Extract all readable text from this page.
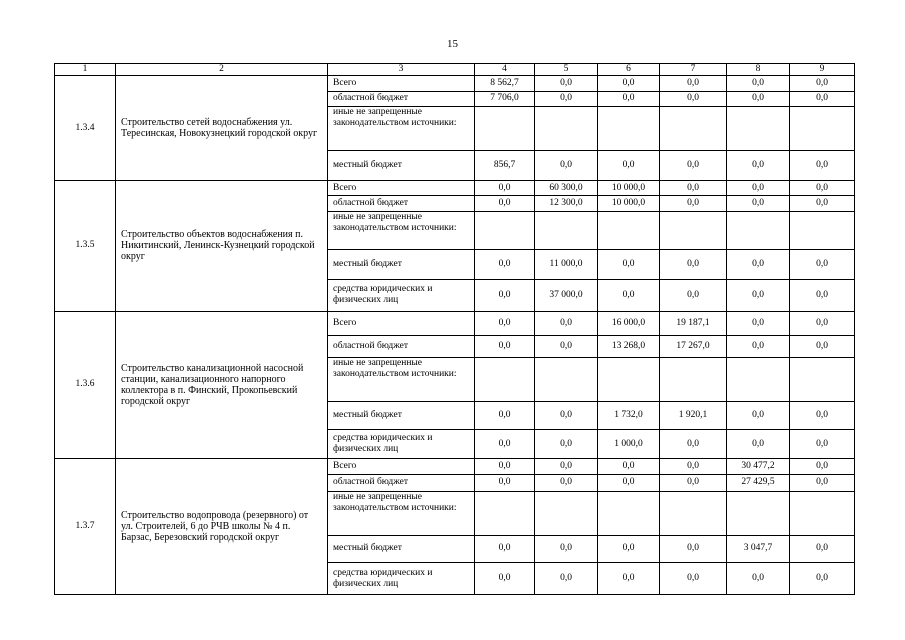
15
1	2	3	4	5	6	7	8	9
1.3.4	Строительство сетей водоснабжения ул. Тересинская, Новокузнецкий городской округ	Всего	8 562,7	0,0	0,0	0,0	0,0	0,0
		областной бюджет	7 706,0	0,0	0,0	0,0	0,0	0,0
		иные не запрещенные законодательством источники:						
		местный бюджет	856,7	0,0	0,0	0,0	0,0	0,0
1.3.5	Строительство объектов водоснабжения п. Никитинский, Ленинск-Кузнецкий городской округ	Всего	0,0	60 300,0	10 000,0	0,0	0,0	0,0
		областной бюджет	0,0	12 300,0	10 000,0	0,0	0,0	0,0
		иные не запрещенные законодательством источники:						
		местный бюджет	0,0	11 000,0	0,0	0,0	0,0	0,0
		средства юридических и физических лиц	0,0	37 000,0	0,0	0,0	0,0	0,0
1.3.6	Строительство канализационной насосной станции, канализационного напорного коллектора в п. Финский, Прокопьевский городской округ	Всего	0,0	0,0	16 000,0	19 187,1	0,0	0,0
		областной бюджет	0,0	0,0	13 268,0	17 267,0	0,0	0,0
		иные не запрещенные законодательством источники:						
		местный бюджет	0,0	0,0	1 732,0	1 920,1	0,0	0,0
		средства юридических и физических лиц	0,0	0,0	1 000,0	0,0	0,0	0,0
1.3.7	Строительство водопровода (резервного) от ул. Строителей, 6 до РЧВ школы № 4 п. Барзас, Березовский городской округ	Всего	0,0	0,0	0,0	0,0	30 477,2	0,0
		областной бюджет	0,0	0,0	0,0	0,0	27 429,5	0,0
		иные не запрещенные законодательством источники:						
		местный бюджет	0,0	0,0	0,0	0,0	3 047,7	0,0
		средства юридических и физических лиц	0,0	0,0	0,0	0,0	0,0	0,0
